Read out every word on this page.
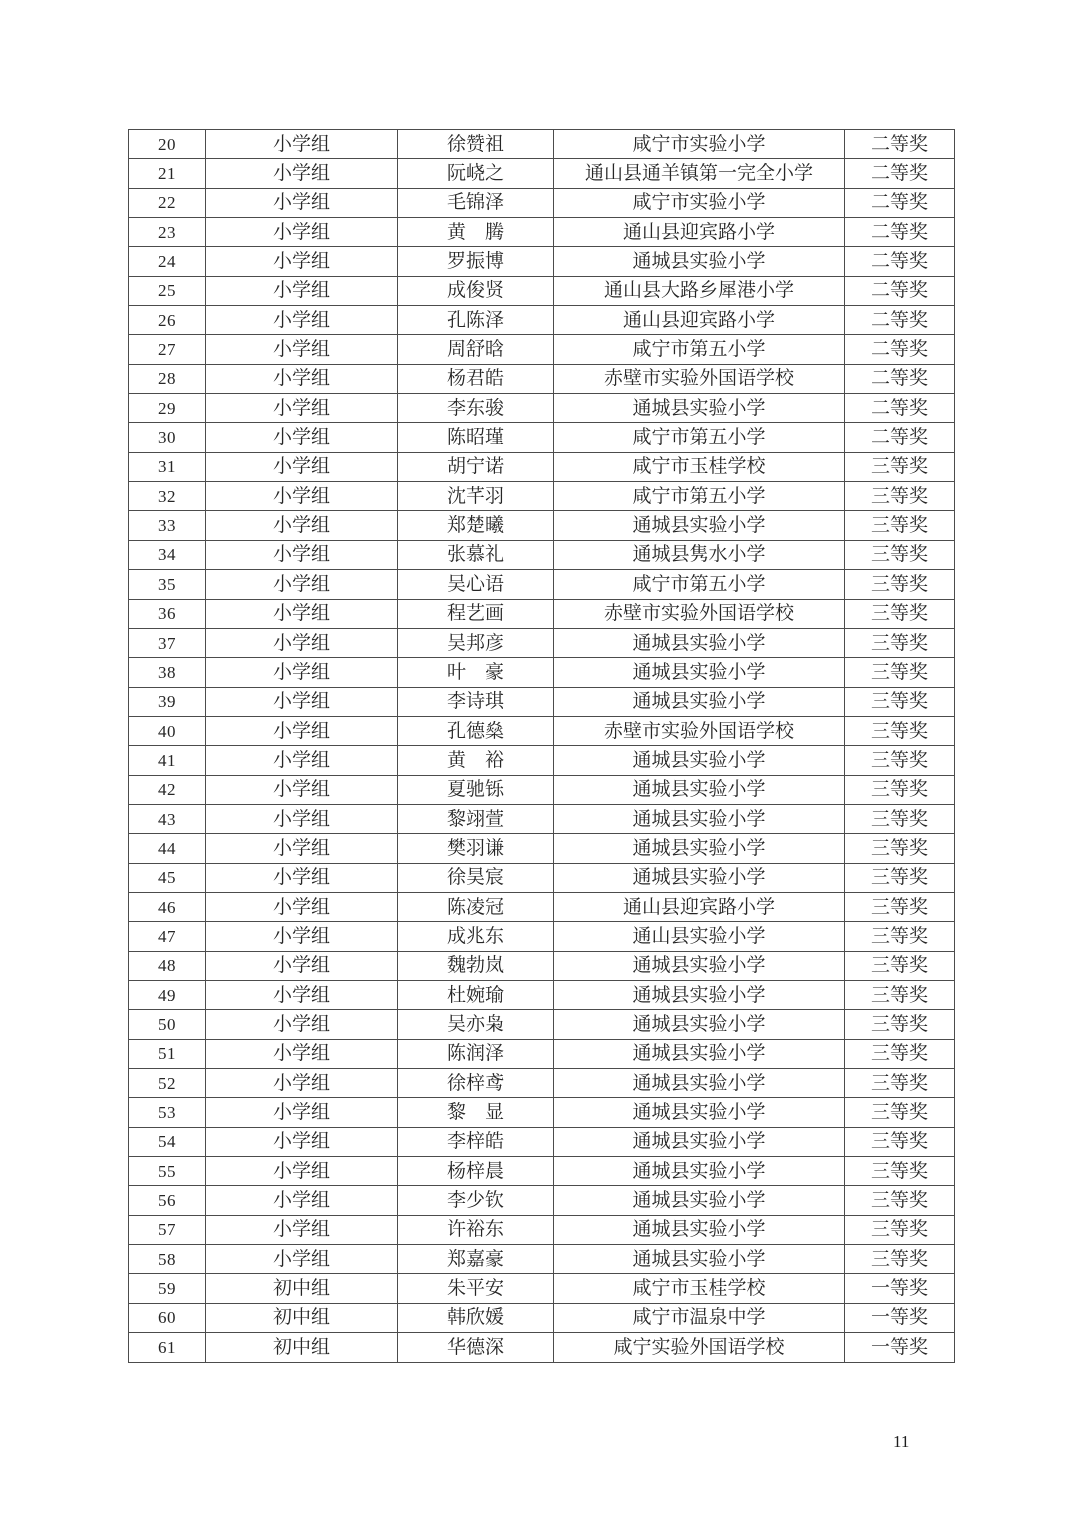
20	小学组	徐赞祖	咸宁市实验小学	二等奖
21	小学组	阮峣之	通山县通羊镇第一完全小学	二等奖
22	小学组	毛锦泽	咸宁市实验小学	二等奖
23	小学组	黄　腾	通山县迎宾路小学	二等奖
24	小学组	罗振博	通城县实验小学	二等奖
25	小学组	成俊贤	通山县大路乡犀港小学	二等奖
26	小学组	孔陈泽	通山县迎宾路小学	二等奖
27	小学组	周舒晗	咸宁市第五小学	二等奖
28	小学组	杨君皓	赤壁市实验外国语学校	二等奖
29	小学组	李东骏	通城县实验小学	二等奖
30	小学组	陈昭瑾	咸宁市第五小学	二等奖
31	小学组	胡宁诺	咸宁市玉桂学校	三等奖
32	小学组	沈芊羽	咸宁市第五小学	三等奖
33	小学组	郑楚曦	通城县实验小学	三等奖
34	小学组	张慕礼	通城县隽水小学	三等奖
35	小学组	吴心语	咸宁市第五小学	三等奖
36	小学组	程艺画	赤壁市实验外国语学校	三等奖
37	小学组	吴邦彦	通城县实验小学	三等奖
38	小学组	叶　豪	通城县实验小学	三等奖
39	小学组	李诗琪	通城县实验小学	三等奖
40	小学组	孔德燊	赤壁市实验外国语学校	三等奖
41	小学组	黄　裕	通城县实验小学	三等奖
42	小学组	夏驰铄	通城县实验小学	三等奖
43	小学组	黎翊萱	通城县实验小学	三等奖
44	小学组	樊羽谦	通城县实验小学	三等奖
45	小学组	徐昊宸	通城县实验小学	三等奖
46	小学组	陈凌冠	通山县迎宾路小学	三等奖
47	小学组	成兆东	通山县实验小学	三等奖
48	小学组	魏勃岚	通城县实验小学	三等奖
49	小学组	杜婉瑜	通城县实验小学	三等奖
50	小学组	吴亦枭	通城县实验小学	三等奖
51	小学组	陈润泽	通城县实验小学	三等奖
52	小学组	徐梓鸢	通城县实验小学	三等奖
53	小学组	黎　显	通城县实验小学	三等奖
54	小学组	李梓皓	通城县实验小学	三等奖
55	小学组	杨梓晨	通城县实验小学	三等奖
56	小学组	李少钦	通城县实验小学	三等奖
57	小学组	许裕东	通城县实验小学	三等奖
58	小学组	郑嘉豪	通城县实验小学	三等奖
59	初中组	朱平安	咸宁市玉桂学校	一等奖
60	初中组	韩欣媛	咸宁市温泉中学	一等奖
61	初中组	华德深	咸宁实验外国语学校	一等奖
11
